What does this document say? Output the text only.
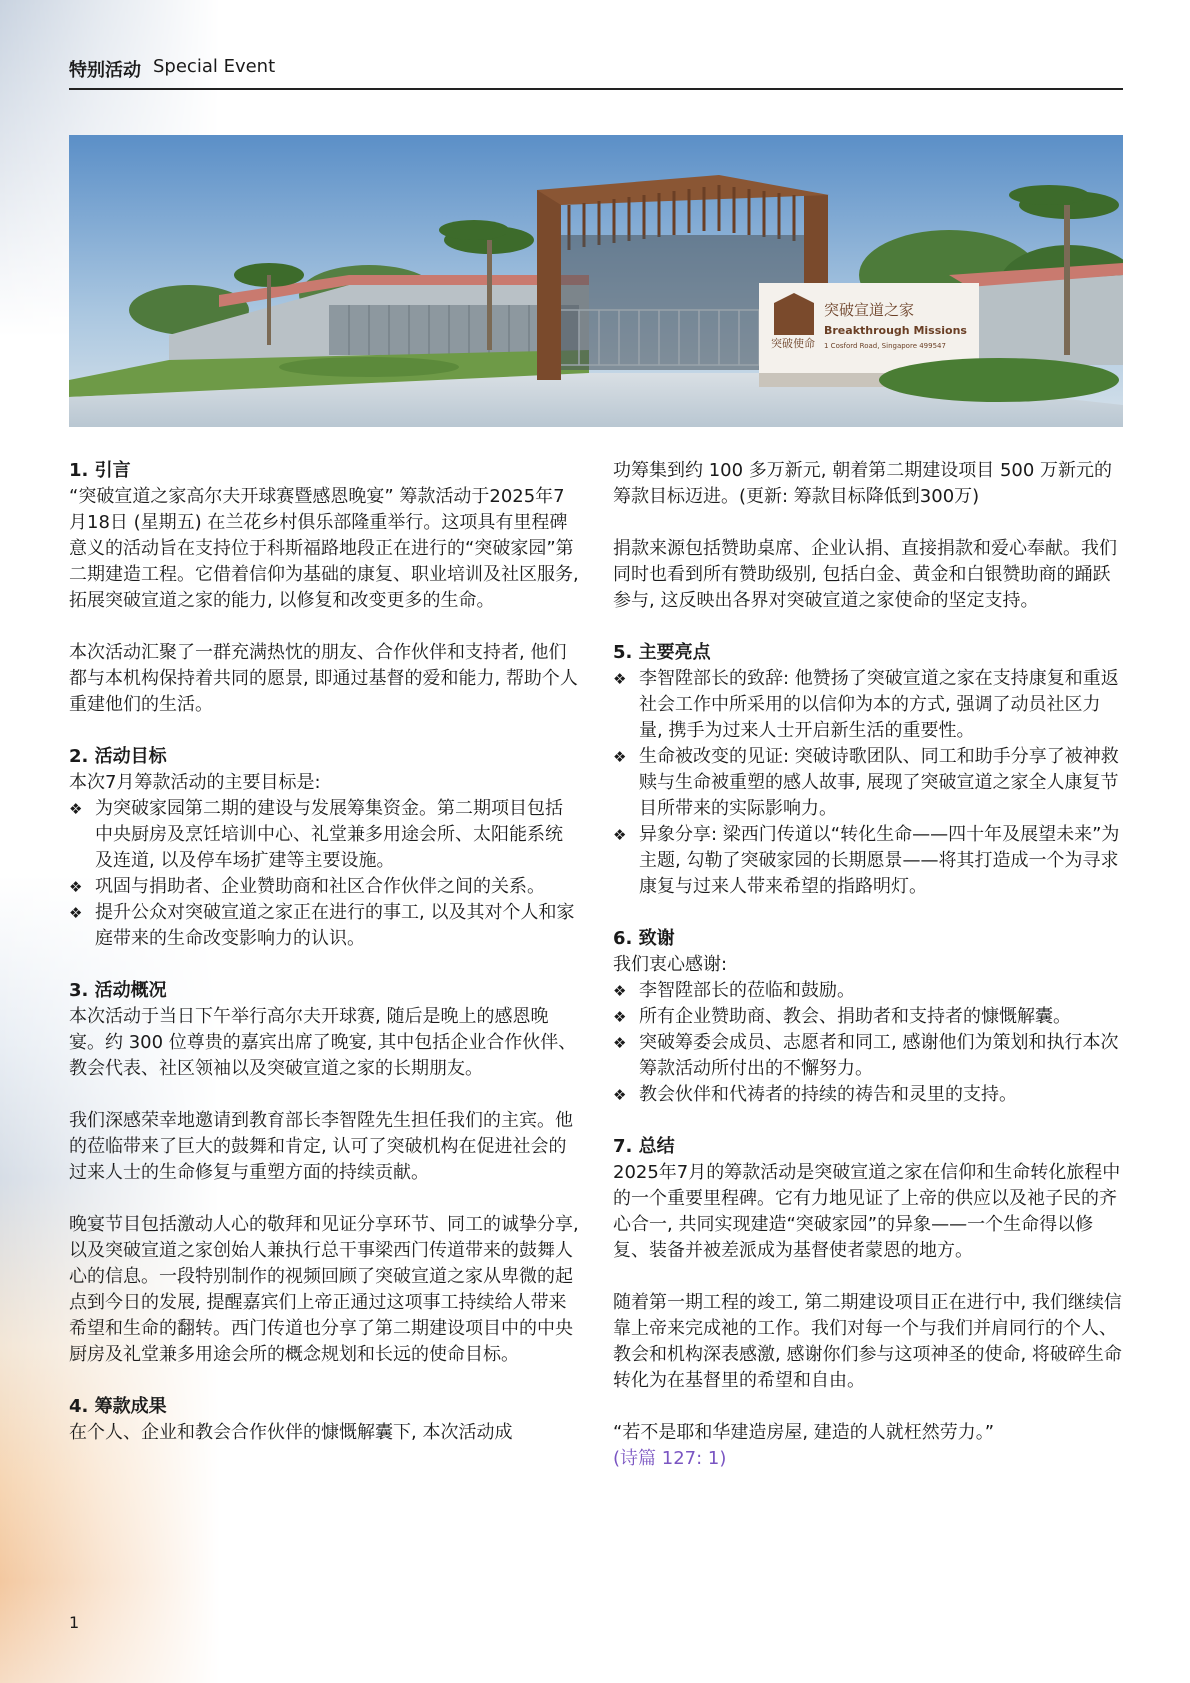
特别活动 Special Event
突破使命
突破宣道之家
Breakthrough Missions
1 Cosford Road, Singapore 499547

1. 引言

“突破宣道之家高尔夫开球赛暨感恩晚宴” 筹款活动于2025年7月18日 (星期五) 在兰花乡村俱乐部隆重举行。这项具有里程碑意义的活动旨在支持位于科斯福路地段正在进行的“突破家园”第二期建造工程。它借着信仰为基础的康复、职业培训及社区服务, 拓展突破宣道之家的能力, 以修复和改变更多的生命。

本次活动汇聚了一群充满热忱的朋友、合作伙伴和支持者, 他们都与本机构保持着共同的愿景, 即通过基督的爱和能力, 帮助个人重建他们的生活。

2. 活动目标

本次7月筹款活动的主要目标是:

❖ 为突破家园第二期的建设与发展筹集资金。第二期项目包括中央厨房及烹饪培训中心、礼堂兼多用途会所、太阳能系统及连道, 以及停车场扩建等主要设施。
❖ 巩固与捐助者、企业赞助商和社区合作伙伴之间的关系。
❖ 提升公众对突破宣道之家正在进行的事工, 以及其对个人和家庭带来的生命改变影响力的认识。

3. 活动概况

本次活动于当日下午举行高尔夫开球赛, 随后是晚上的感恩晚宴。约 300 位尊贵的嘉宾出席了晚宴, 其中包括企业合作伙伴、教会代表、社区领袖以及突破宣道之家的长期朋友。

我们深感荣幸地邀请到教育部长李智陞先生担任我们的主宾。他的莅临带来了巨大的鼓舞和肯定, 认可了突破机构在促进社会的过来人士的生命修复与重塑方面的持续贡献。

晚宴节目包括激动人心的敬拜和见证分享环节、同工的诚挚分享, 以及突破宣道之家创始人兼执行总干事梁西门传道带来的鼓舞人心的信息。一段特别制作的视频回顾了突破宣道之家从卑微的起点到今日的发展, 提醒嘉宾们上帝正通过这项事工持续给人带来希望和生命的翻转。西门传道也分享了第二期建设项目中的中央厨房及礼堂兼多用途会所的概念规划和长远的使命目标。

4. 筹款成果

在个人、企业和教会合作伙伴的慷慨解囊下, 本次活动成

功筹集到约 100 多万新元, 朝着第二期建设项目 500 万新元的筹款目标迈进。(更新: 筹款目标降低到300万)

捐款来源包括赞助桌席、企业认捐、直接捐款和爱心奉献。我们同时也看到所有赞助级别, 包括白金、黄金和白银赞助商的踊跃参与, 这反映出各界对突破宣道之家使命的坚定支持。

5. 主要亮点

❖ 李智陞部长的致辞: 他赞扬了突破宣道之家在支持康复和重返社会工作中所采用的以信仰为本的方式, 强调了动员社区力量, 携手为过来人士开启新生活的重要性。
❖ 生命被改变的见证: 突破诗歌团队、同工和助手分享了被神救赎与生命被重塑的感人故事, 展现了突破宣道之家全人康复节目所带来的实际影响力。
❖ 异象分享: 梁西门传道以“转化生命——四十年及展望未来”为主题, 勾勒了突破家园的长期愿景——将其打造成一个为寻求康复与过来人带来希望的指路明灯。

6. 致谢

我们衷心感谢:

❖ 李智陞部长的莅临和鼓励。
❖ 所有企业赞助商、教会、捐助者和支持者的慷慨解囊。
❖ 突破筹委会成员、志愿者和同工, 感谢他们为策划和执行本次筹款活动所付出的不懈努力。
❖ 教会伙伴和代祷者的持续的祷告和灵里的支持。

7. 总结

2025年7月的筹款活动是突破宣道之家在信仰和生命转化旅程中的一个重要里程碑。它有力地见证了上帝的供应以及祂子民的齐心合一, 共同实现建造“突破家园”的异象——一个生命得以修复、装备并被差派成为基督使者蒙恩的地方。

随着第一期工程的竣工, 第二期建设项目正在进行中, 我们继续信靠上帝来完成祂的工作。我们对每一个与我们并肩同行的个人、教会和机构深表感激, 感谢你们参与这项神圣的使命, 将破碎生命转化为在基督里的希望和自由。

“若不是耶和华建造房屋, 建造的人就枉然劳力。”

(诗篇 127: 1)

1
